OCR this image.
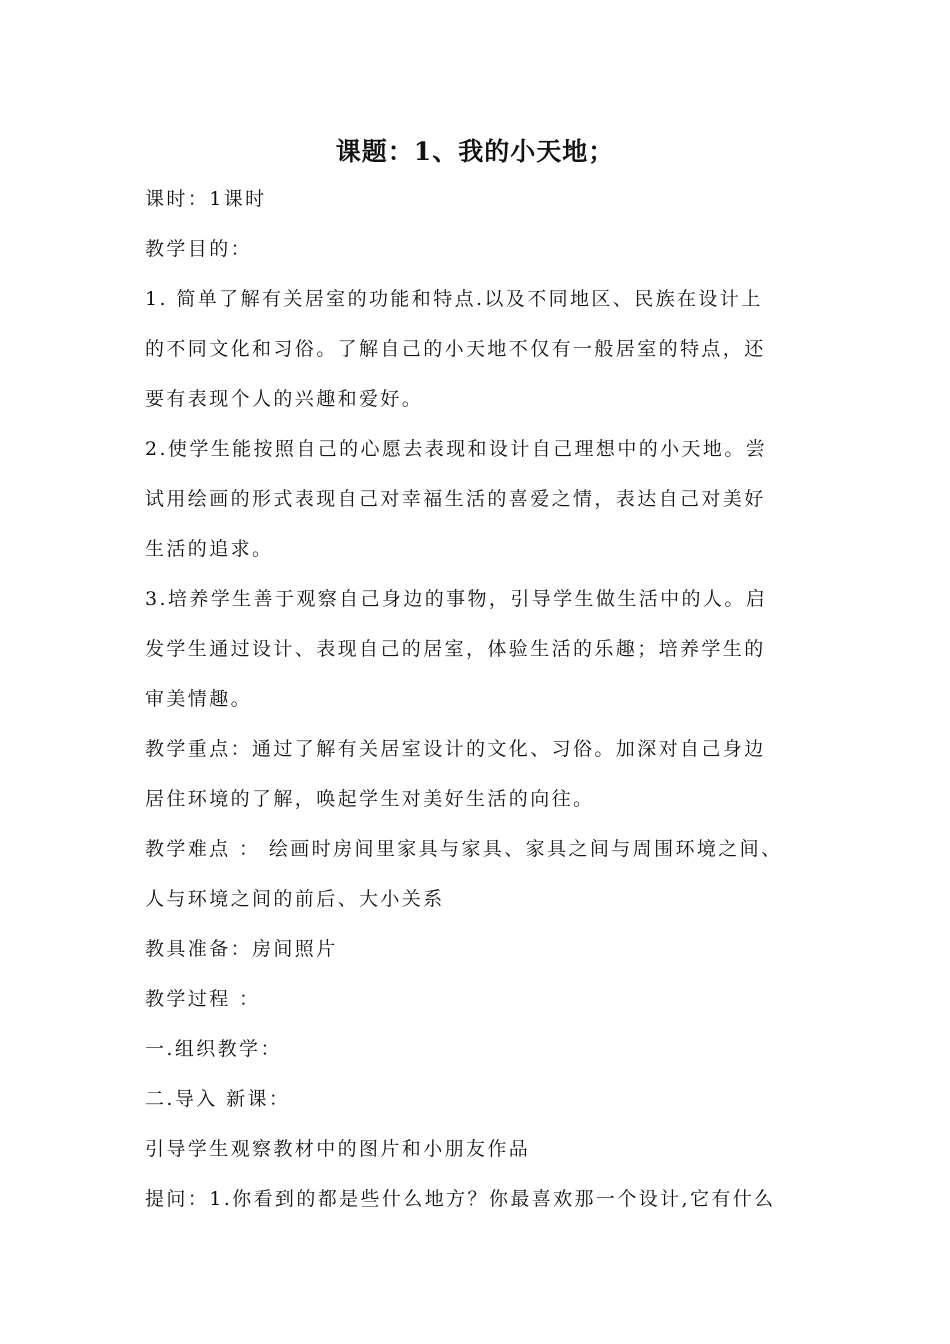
课题：1、我的小天地；
课时：1课时
教学目的：
1. 简单了解有关居室的功能和特点.以及不同地区、民族在设计上
的不同文化和习俗。了解自己的小天地不仅有一般居室的特点，还
要有表现个人的兴趣和爱好。
2.使学生能按照自己的心愿去表现和设计自己理想中的小天地。尝
试用绘画的形式表现自己对幸福生活的喜爱之情，表达自己对美好
生活的追求。
3.培养学生善于观察自己身边的事物，引导学生做生活中的人。启
发学生通过设计、表现自己的居室，体验生活的乐趣；培养学生的
审美情趣。
教学重点：通过了解有关居室设计的文化、习俗。加深对自己身边
居住环境的了解，唤起学生对美好生活的向往。
教学难点 ： 绘画时房间里家具与家具、家具之间与周围环境之间、
人与环境之间的前后、大小关系
教具准备：房间照片
教学过程 ：
一.组织教学：
二.导入 新课：
引导学生观察教材中的图片和小朋友作品
提问：1.你看到的都是些什么地方？你最喜欢那一个设计,它有什么
